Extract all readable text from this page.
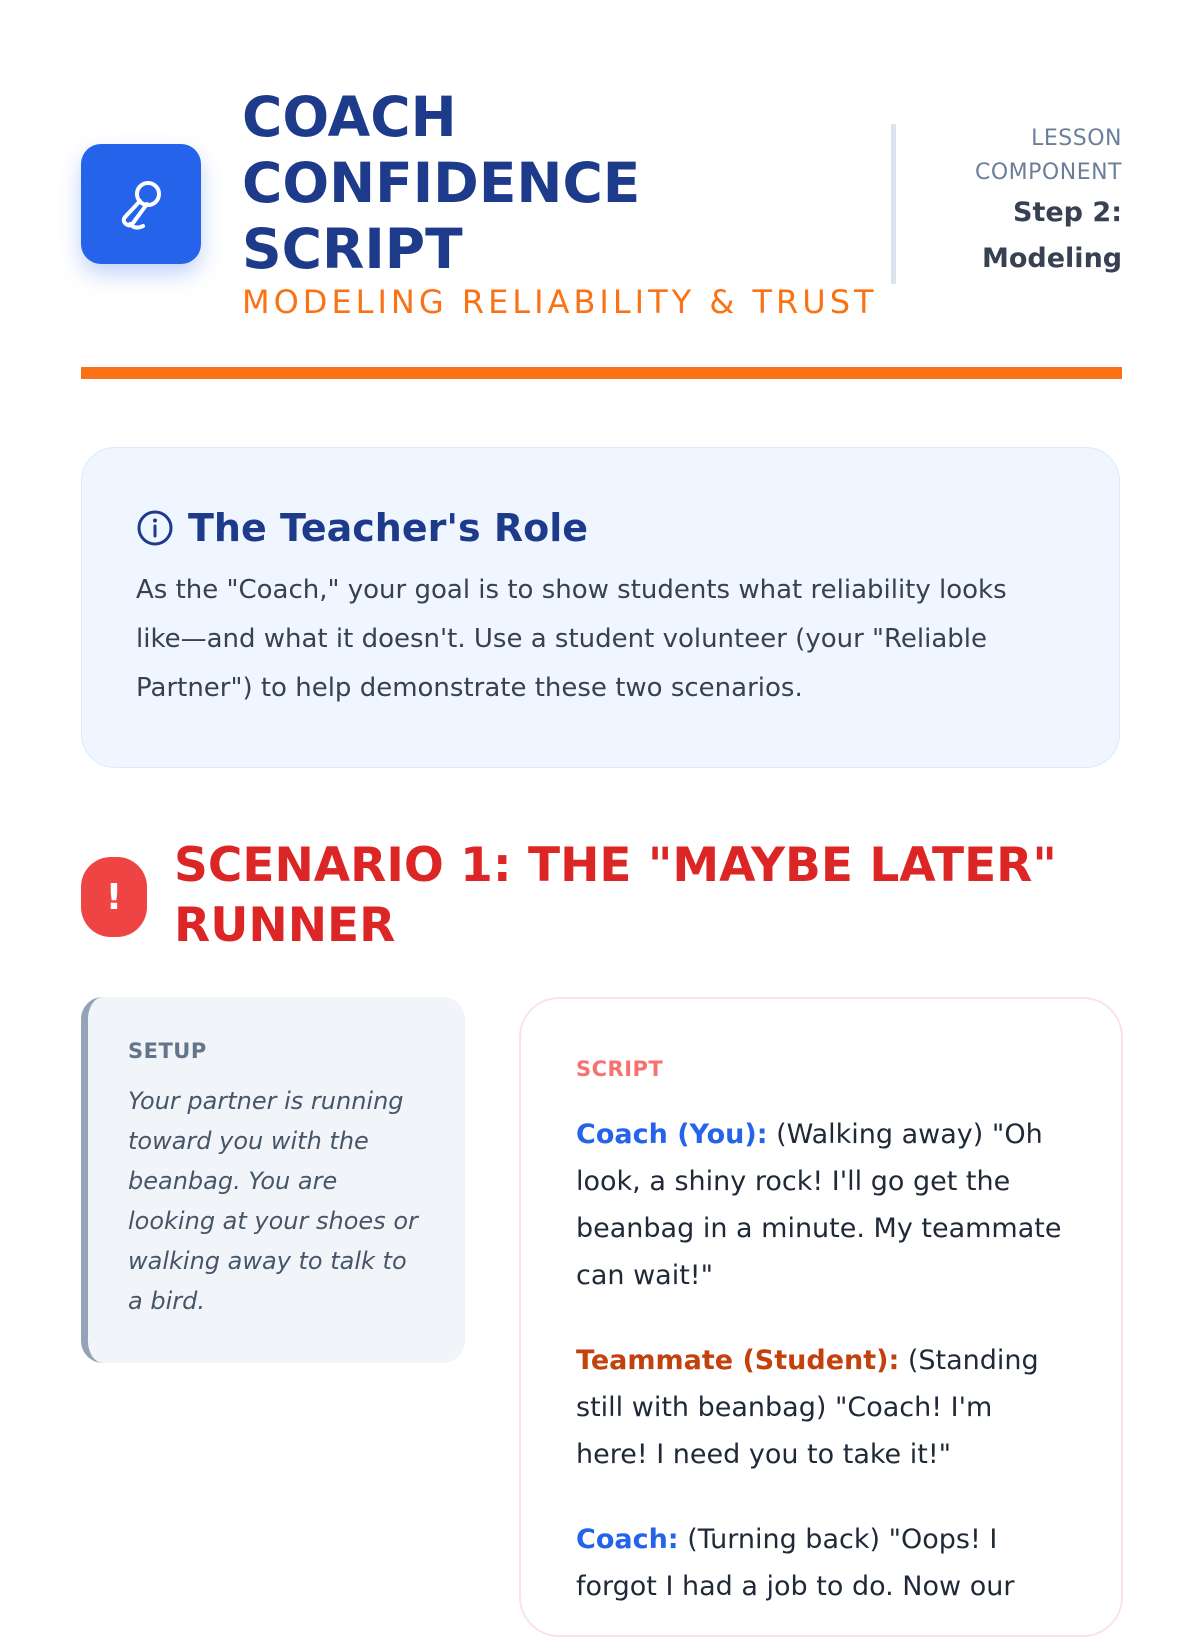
COACH CONFIDENCE SCRIPT
MODELING RELIABILITY & TRUST
LESSON COMPONENT
Step 2: Modeling
The Teacher's Role

As the "Coach," your goal is to show students what reliability looks like—and what it doesn't. Use a student volunteer (your "Reliable Partner") to help demonstrate these two scenarios.

!
SCENARIO 1: THE "MAYBE LATER" RUNNER
SETUP

Your partner is running toward you with the beanbag. You are looking at your shoes or walking away to talk to a bird.

SCRIPT

Coach (You): (Walking away) "Oh look, a shiny rock! I'll go get the beanbag in a minute. My teammate can wait!"

Teammate (Student): (Standing still with beanbag) "Coach! I'm here! I need you to take it!"

Coach: (Turning back) "Oops! I forgot I had a job to do. Now our
